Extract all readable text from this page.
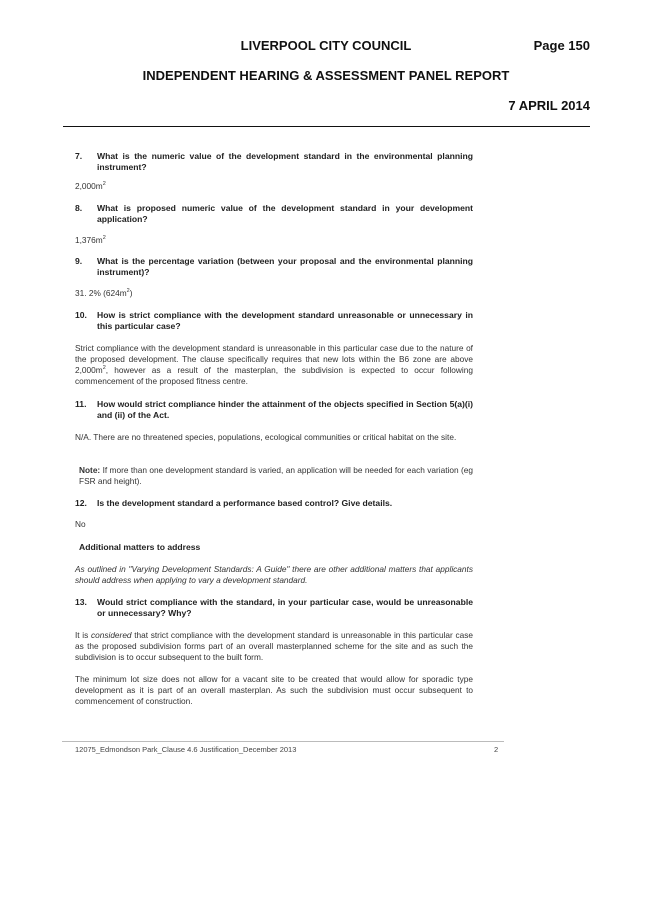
LIVERPOOL CITY COUNCIL	Page 150
INDEPENDENT HEARING & ASSESSMENT PANEL REPORT
7 APRIL 2014
7.	What is the numeric value of the development standard in the environmental planning instrument?
$2,000m^2$
8.	What is proposed numeric value of the development standard in your development application?
$1,376m^2$
9.	What is the percentage variation (between your proposal and the environmental planning instrument)?
31. 2% $(624m^2)$
10.	How is strict compliance with the development standard unreasonable or unnecessary in this particular case?
Strict compliance with the development standard is unreasonable in this particular case due to the nature of the proposed development. The clause specifically requires that new lots within the B6 zone are above $2,000m^2$, however as a result of the masterplan, the subdivision is expected to occur following commencement of the proposed fitness centre.
11.	How would strict compliance hinder the attainment of the objects specified in Section 5(a)(i) and (ii) of the Act.
N/A. There are no threatened species, populations, ecological communities or critical habitat on the site.
Note: If more than one development standard is varied, an application will be needed for each variation (eg FSR and height).
12.	Is the development standard a performance based control? Give details.
No
Additional matters to address
As outlined in "Varying Development Standards: A Guide" there are other additional matters that applicants should address when applying to vary a development standard.
13.	Would strict compliance with the standard, in your particular case, would be unreasonable or unnecessary? Why?
It is considered that strict compliance with the development standard is unreasonable in this particular case as the proposed subdivision forms part of an overall masterplanned scheme for the site and as such the subdivision is to occur subsequent to the built form.
The minimum lot size does not allow for a vacant site to be created that would allow for sporadic type development as it is part of an overall masterplan. As such the subdivision must occur subsequent to commencement of construction.
12075_Edmondson Park_Clause 4.6 Justification_December 2013	2
